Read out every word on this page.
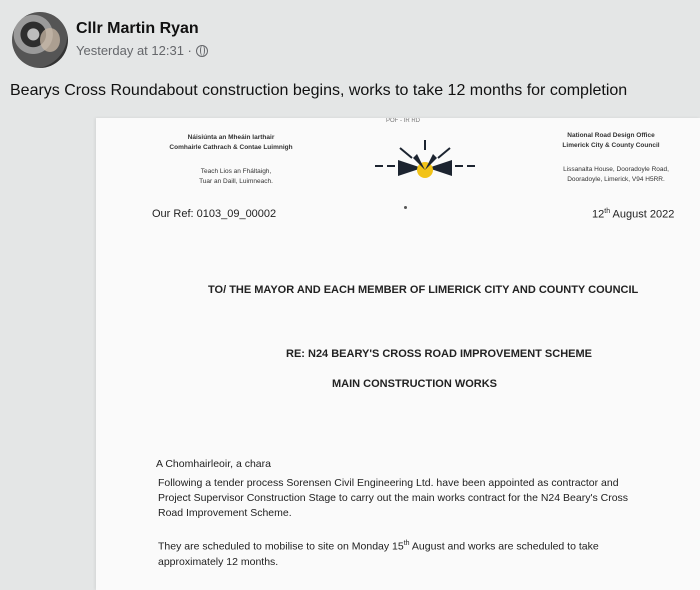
Cllr Martin Ryan
Yesterday at 12:31 ·
Bearys Cross Roundabout construction begins, works to take 12 months for completion
Náisiúnta an Mheáin Iarthair
Comhairle Cathrach & Contae Luimnigh
Teach Lios an Fháltaigh,
Tuar an Daill, Luimneach.
POF - IR RD
National Road Design Office
Limerick City & County Council
Lissanalta House, Dooradoyle Road,
Dooradoyle, Limerick, V94 H5RR.
Our Ref: 0103_09_00002	12th August 2022
TO/ THE MAYOR AND EACH MEMBER OF LIMERICK CITY AND COUNTY COUNCIL
RE: N24 BEARY'S CROSS ROAD IMPROVEMENT SCHEME
MAIN CONSTRUCTION WORKS
A Chomhairleoir, a chara
Following a tender process Sorensen Civil Engineering Ltd. have been appointed as contractor and
Project Supervisor Construction Stage to carry out the main works contract for the N24 Beary's Cross
Road Improvement Scheme.
They are scheduled to mobilise to site on Monday 15th August and works are scheduled to take
approximately 12 months.
